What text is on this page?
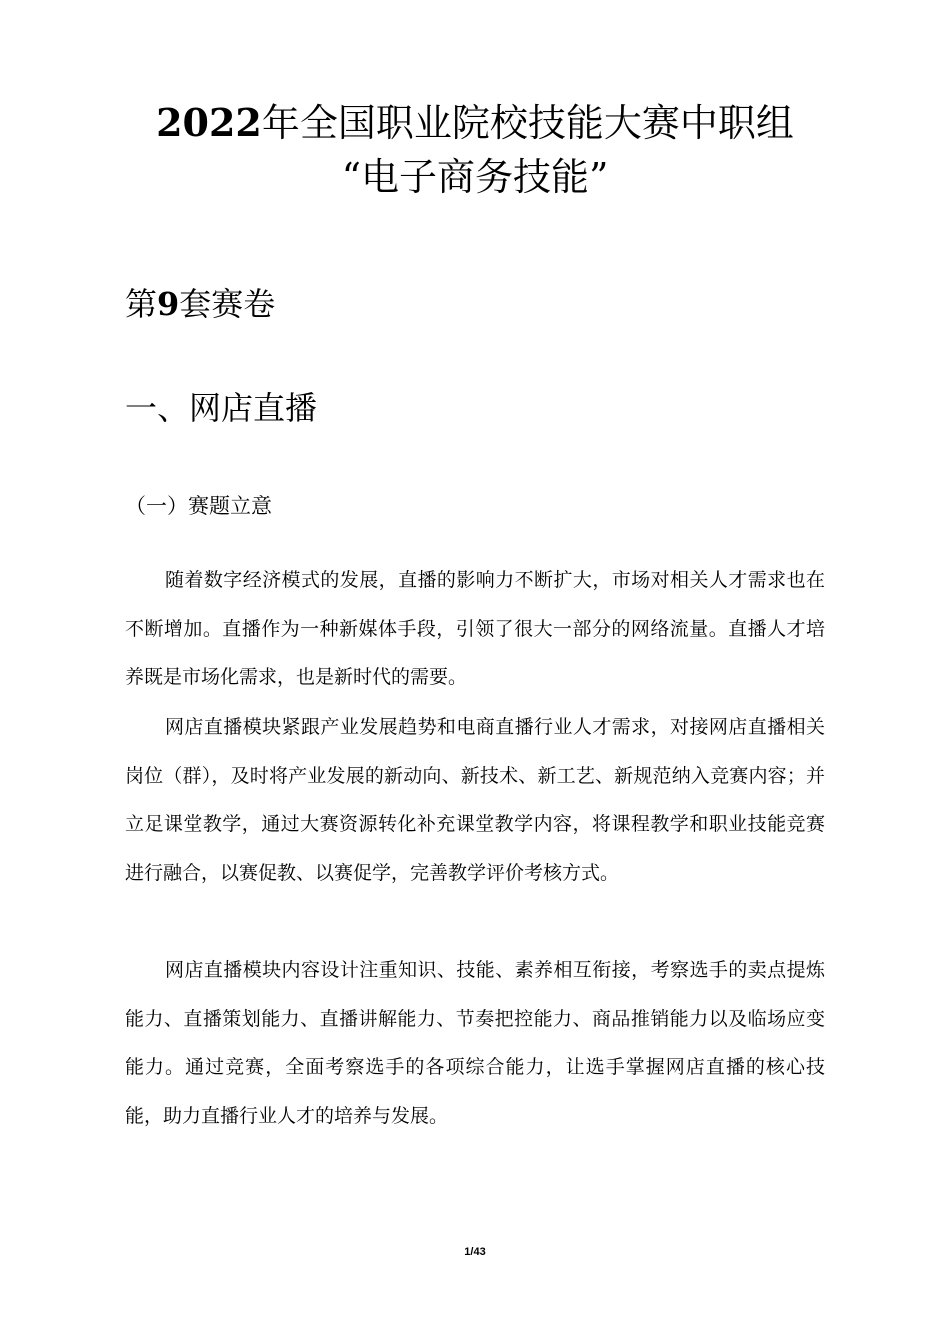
2022年全国职业院校技能大赛中职组
“电子商务技能”
第9套赛卷
一、网店直播
（一）赛题立意

随着数字经济模式的发展，直播的影响力不断扩大，市场对相关人才需求也在不断增加。直播作为一种新媒体手段，引领了很大一部分的网络流量。直播人才培养既是市场化需求，也是新时代的需要。

网店直播模块紧跟产业发展趋势和电商直播行业人才需求，对接网店直播相关岗位（群），及时将产业发展的新动向、新技术、新工艺、新规范纳入竞赛内容；并立足课堂教学，通过大赛资源转化补充课堂教学内容，将课程教学和职业技能竞赛进行融合，以赛促教、以赛促学，完善教学评价考核方式。

网店直播模块内容设计注重知识、技能、素养相互衔接，考察选手的卖点提炼能力、直播策划能力、直播讲解能力、节奏把控能力、商品推销能力以及临场应变能力。通过竞赛，全面考察选手的各项综合能力，让选手掌握网店直播的核心技能，助力直播行业人才的培养与发展。

1/43
